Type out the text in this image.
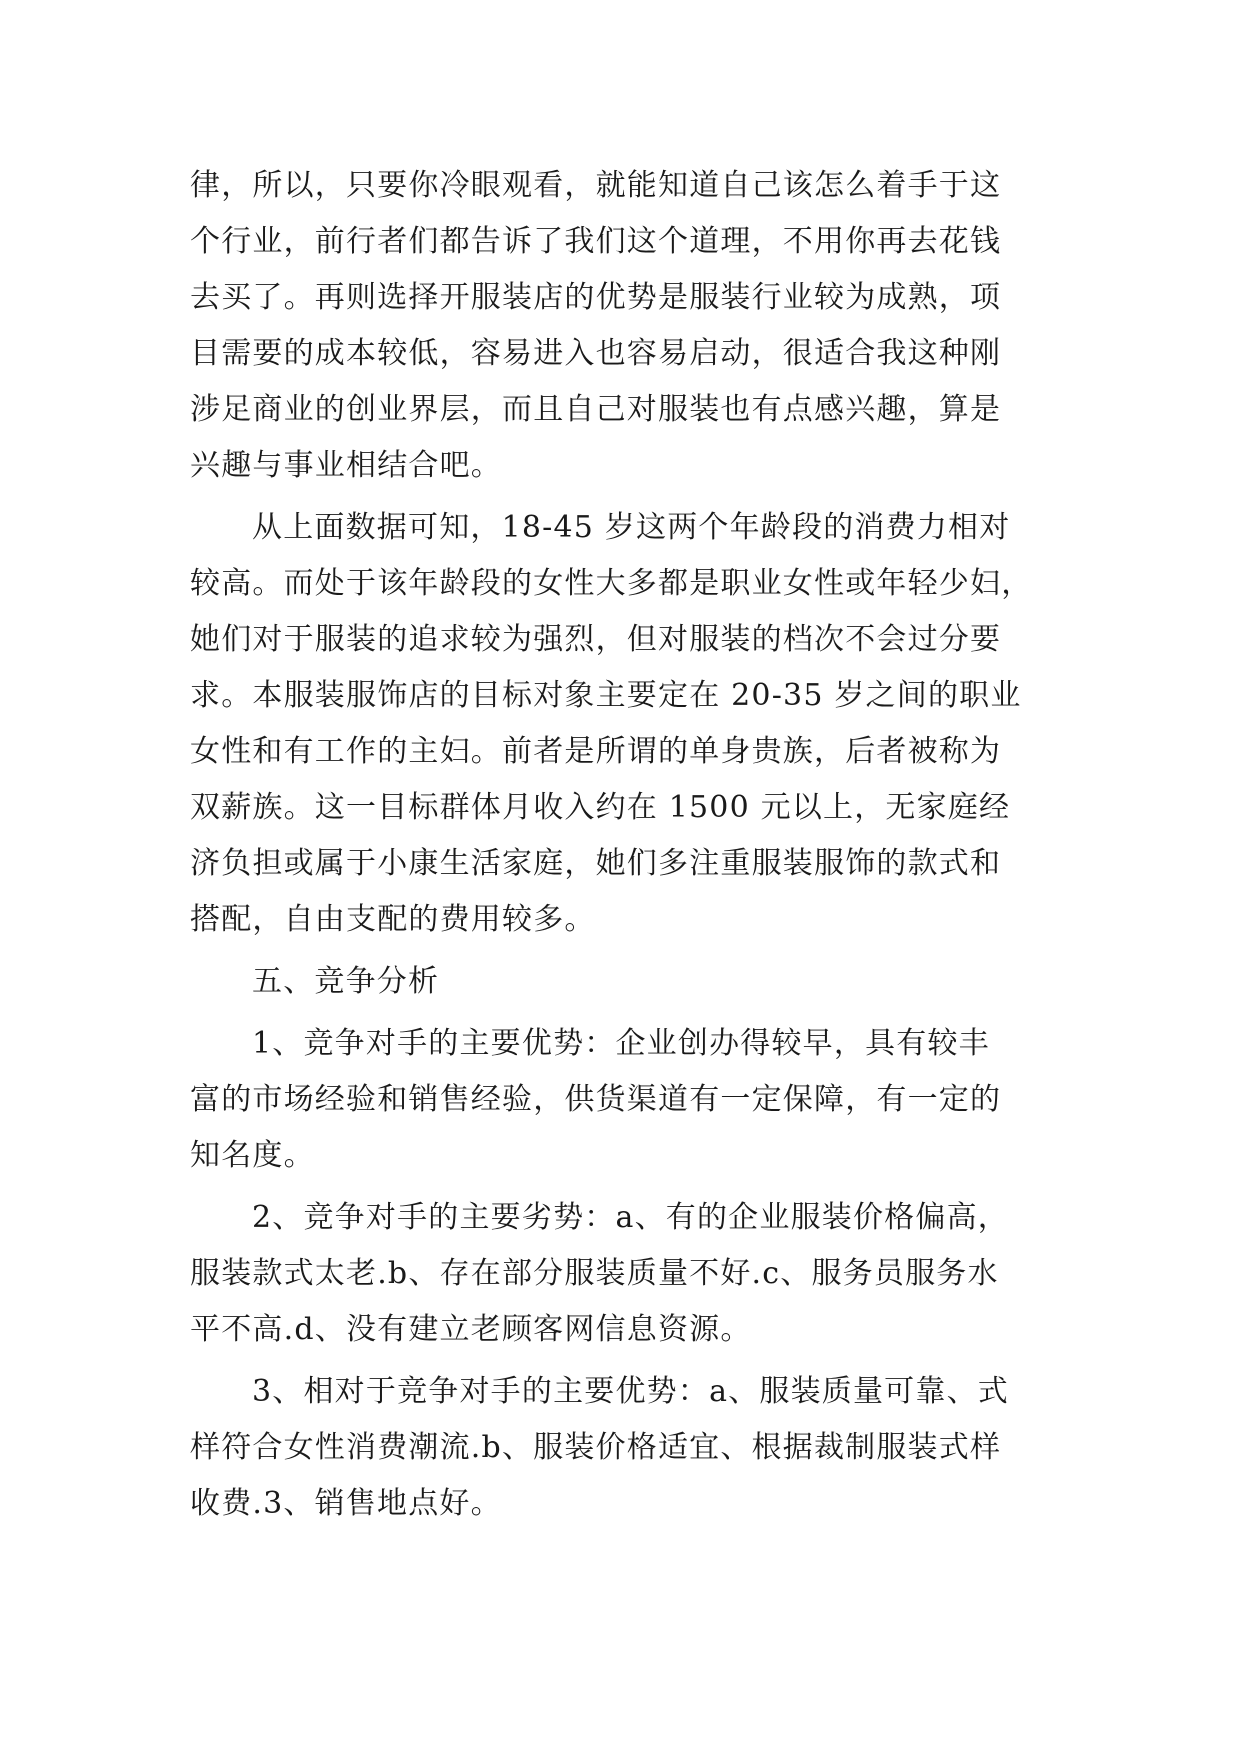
律，所以，只要你冷眼观看，就能知道自己该怎么着手于这
个行业，前行者们都告诉了我们这个道理，不用你再去花钱
去买了。再则选择开服装店的优势是服装行业较为成熟，项
目需要的成本较低，容易进入也容易启动，很适合我这种刚
涉足商业的创业界层，而且自己对服装也有点感兴趣，算是
兴趣与事业相结合吧。

从上面数据可知，18-45 岁这两个年龄段的消费力相对
较高。而处于该年龄段的女性大多都是职业女性或年轻少妇，
她们对于服装的追求较为强烈，但对服装的档次不会过分要
求。本服装服饰店的目标对象主要定在 20-35 岁之间的职业
女性和有工作的主妇。前者是所谓的单身贵族，后者被称为
双薪族。这一目标群体月收入约在 1500 元以上，无家庭经
济负担或属于小康生活家庭，她们多注重服装服饰的款式和
搭配，自由支配的费用较多。

五、竞争分析

1、竞争对手的主要优势：企业创办得较早，具有较丰
富的市场经验和销售经验，供货渠道有一定保障，有一定的
知名度。

2、竞争对手的主要劣势：a、有的企业服装价格偏高，
服装款式太老.b、存在部分服装质量不好.c、服务员服务水
平不高.d、没有建立老顾客网信息资源。

3、相对于竞争对手的主要优势：a、服装质量可靠、式
样符合女性消费潮流.b、服装价格适宜、根据裁制服装式样
收费.3、销售地点好。
